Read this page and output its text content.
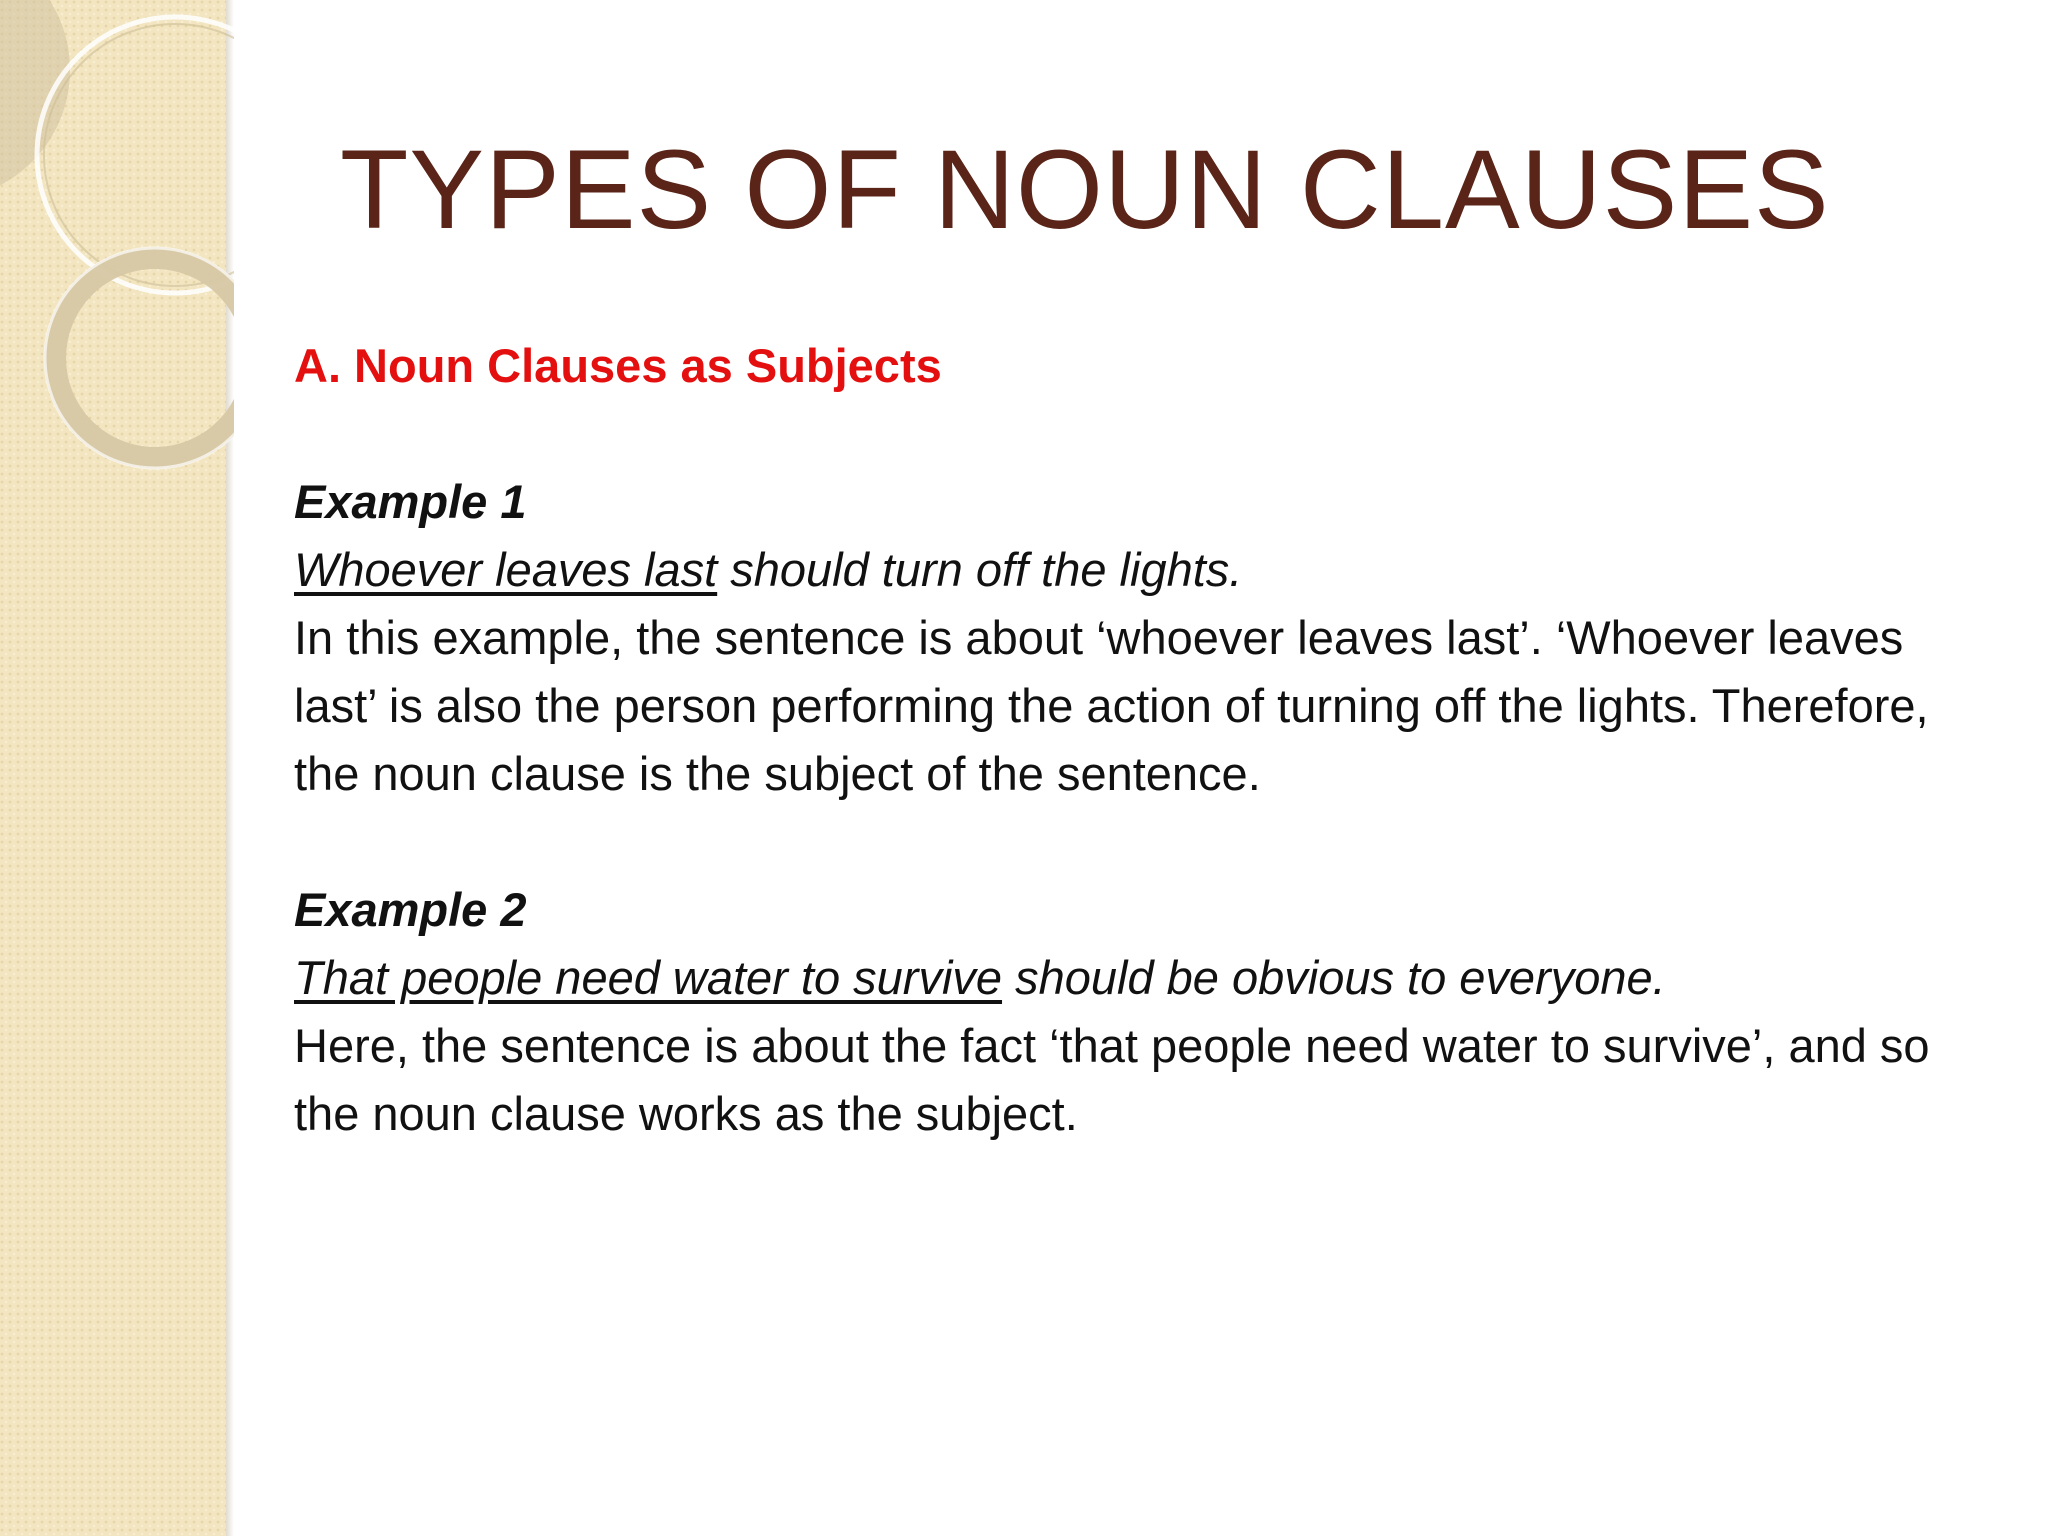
TYPES OF NOUN CLAUSES

A. Noun Clauses as Subjects

Example 1

Whoever leaves last should turn off the lights.

In this example, the sentence is about ‘whoever leaves last’. ‘Whoever leaves last’ is also the person performing the action of turning off the lights. Therefore, the noun clause is the subject of the sentence.

Example 2

That people need water to survive should be obvious to everyone.

Here, the sentence is about the fact ‘that people need water to survive’, and so the noun clause works as the subject.
